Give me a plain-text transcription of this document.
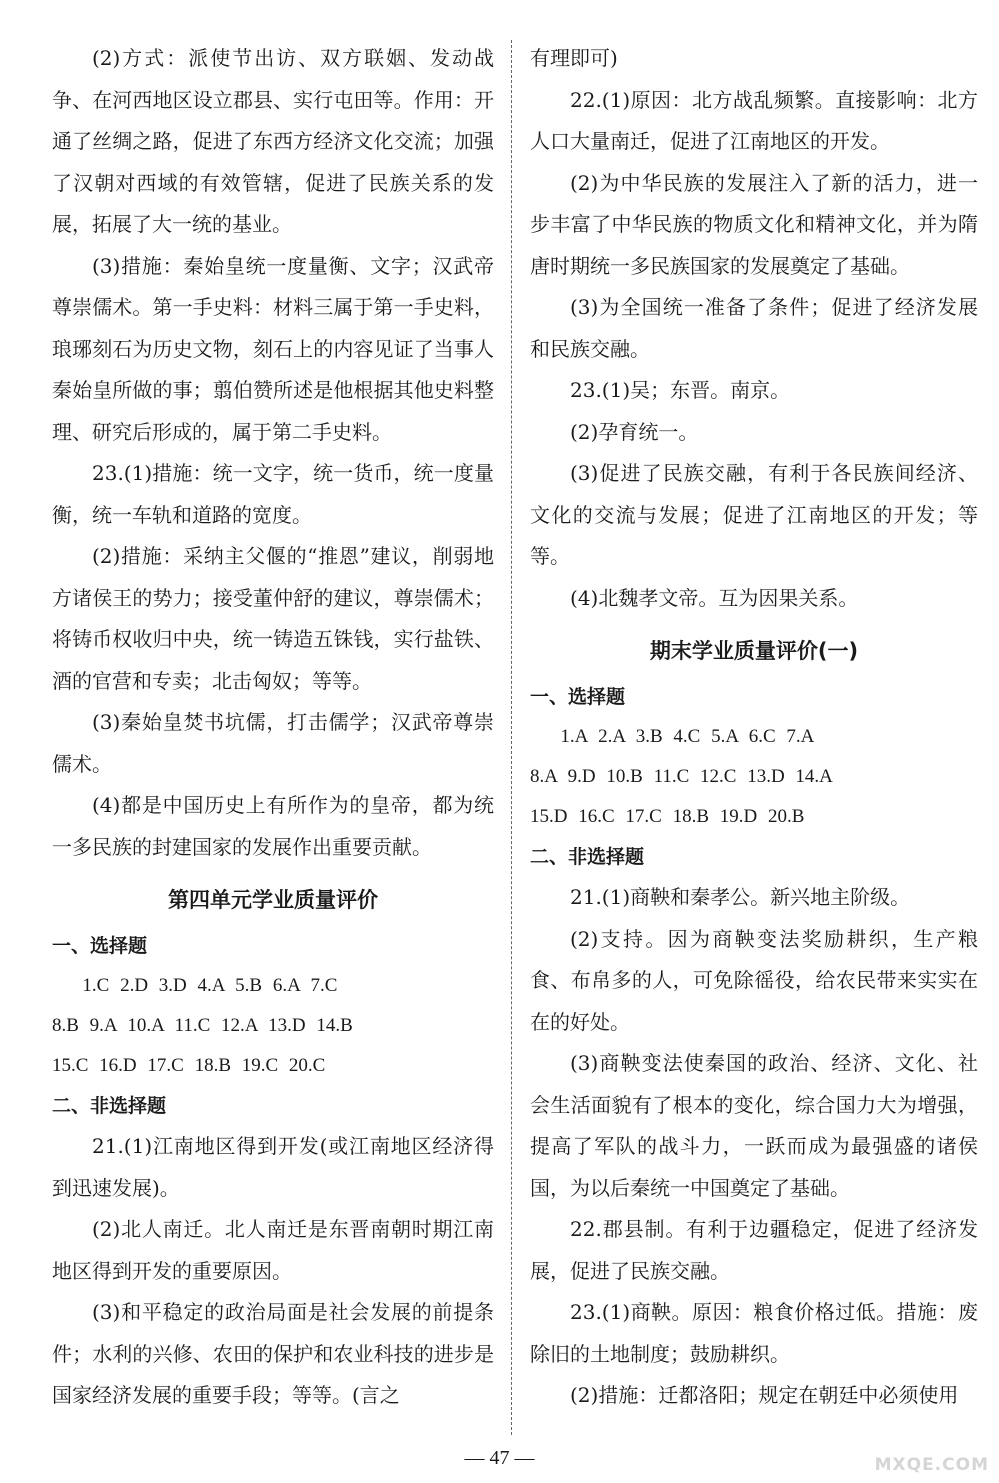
(2)方式：派使节出访、双方联姻、发动战争、在河西地区设立郡县、实行屯田等。作用：开通了丝绸之路，促进了东西方经济文化交流；加强了汉朝对西域的有效管辖，促进了民族关系的发展，拓展了大一统的基业。

(3)措施：秦始皇统一度量衡、文字；汉武帝尊崇儒术。第一手史料：材料三属于第一手史料，琅琊刻石为历史文物，刻石上的内容见证了当事人秦始皇所做的事；翦伯赞所述是他根据其他史料整理、研究后形成的，属于第二手史料。

23.(1)措施：统一文字，统一货币，统一度量衡，统一车轨和道路的宽度。

(2)措施：采纳主父偃的“推恩”建议，削弱地方诸侯王的势力；接受董仲舒的建议，尊崇儒术；将铸币权收归中央，统一铸造五铢钱，实行盐铁、酒的官营和专卖；北击匈奴；等等。

(3)秦始皇焚书坑儒，打击儒学；汉武帝尊崇儒术。

(4)都是中国历史上有所作为的皇帝，都为统一多民族的封建国家的发展作出重要贡献。

第四单元学业质量评价

一、选择题

1.C 2.D 3.D 4.A 5.B 6.A 7.C

8.B 9.A 10.A 11.C 12.A 13.D 14.B

15.C 16.D 17.C 18.B 19.C 20.C

二、非选择题

21.(1)江南地区得到开发(或江南地区经济得到迅速发展)。

(2)北人南迁。北人南迁是东晋南朝时期江南地区得到开发的重要原因。

(3)和平稳定的政治局面是社会发展的前提条件；水利的兴修、农田的保护和农业科技的进步是国家经济发展的重要手段；等等。(言之

有理即可)

22.(1)原因：北方战乱频繁。直接影响：北方人口大量南迁，促进了江南地区的开发。

(2)为中华民族的发展注入了新的活力，进一步丰富了中华民族的物质文化和精神文化，并为隋唐时期统一多民族国家的发展奠定了基础。

(3)为全国统一准备了条件；促进了经济发展和民族交融。

23.(1)吴；东晋。南京。

(2)孕育统一。

(3)促进了民族交融，有利于各民族间经济、文化的交流与发展；促进了江南地区的开发；等等。

(4)北魏孝文帝。互为因果关系。

期末学业质量评价(一)

一、选择题

1.A 2.A 3.B 4.C 5.A 6.C 7.A

8.A 9.D 10.B 11.C 12.C 13.D 14.A

15.D 16.C 17.C 18.B 19.D 20.B

二、非选择题

21.(1)商鞅和秦孝公。新兴地主阶级。

(2)支持。因为商鞅变法奖励耕织，生产粮食、布帛多的人，可免除徭役，给农民带来实实在在的好处。

(3)商鞅变法使秦国的政治、经济、文化、社会生活面貌有了根本的变化，综合国力大为增强，提高了军队的战斗力，一跃而成为最强盛的诸侯国，为以后秦统一中国奠定了基础。

22.郡县制。有利于边疆稳定，促进了经济发展，促进了民族交融。

23.(1)商鞅。原因：粮食价格过低。措施：废除旧的土地制度；鼓励耕织。

(2)措施：迁都洛阳；规定在朝廷中必须使用

— 47 —	MXQE.COM
